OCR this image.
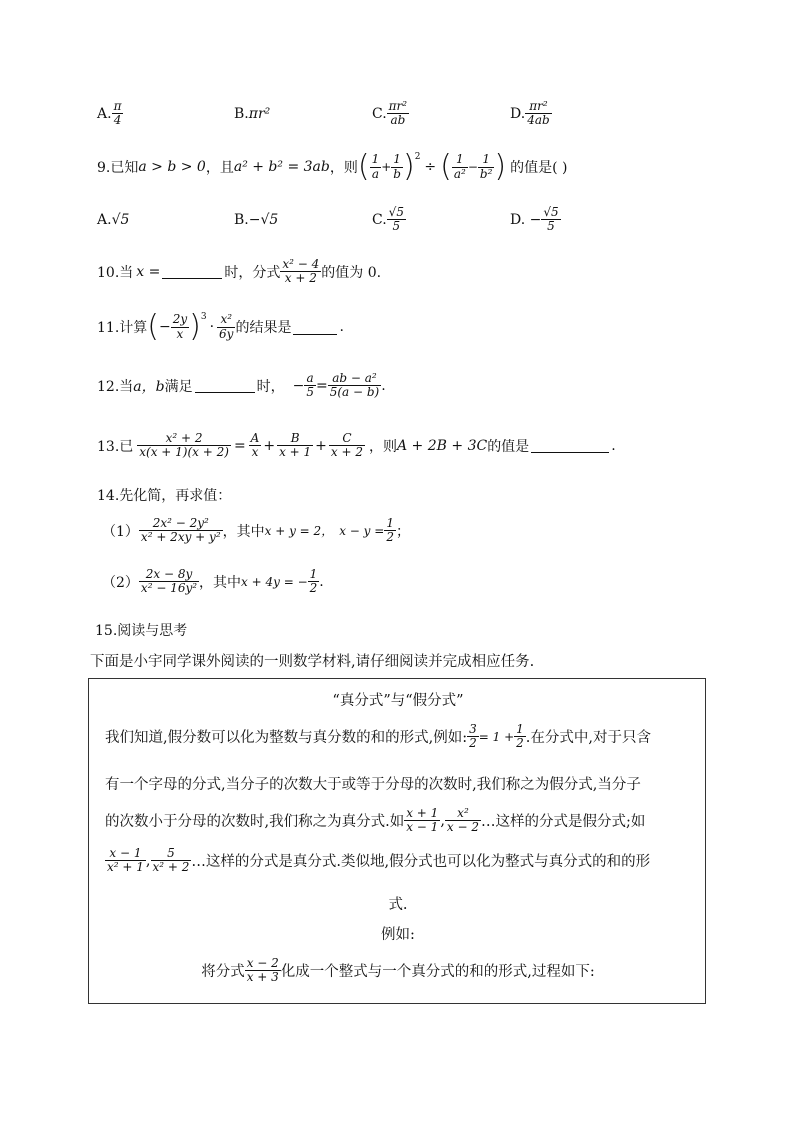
A. $\frac{\pi}{4}$	B. πr²	C. $\frac{\text{πr²}}{ab}$	D. $\frac{\text{πr²}}{4ab}$
9.已知 a > b > 0 ，且 a² + b² = 3ab ，则 ( $\frac{1}{a} + \frac{1}{b} )^2$
÷ ( $\frac{1}{\text{a²}} - \frac{1}{\text{b²}}$ ) 的值是( )
A. √5	B. −√5	C. $\frac{√5}{5}$	D. − $\frac{√5}{5}$
10.当 x =	时，分式 $\frac{\text{x² − 4}}{x + 2}$ 的值为 0.
11.计算 ( − $\frac{2y}{x} )^3$
· $\frac{\text{x²}}{6y}$ 的结果是	.
12.当 a，b 满足	时， − $\frac{a}{5} = \frac{\text{ab − a²}}{5(a - b)}$ .
13.已 $\frac{\text{x² + 2}}{x(x + 1)(x + 2)} = \frac{A}{x} + \frac{B}{x + 1} + \frac{C}{x + 2}$ ，则 A + 2B + 3C 的值是	.
14.先化简，再求值：
$(1) \frac{\text{2x² − 2y²}}{\text{x² + 2xy + y²}}$ ，其中 x + y = 2， $x - y = \frac{1}{2}$ ；
$(2) \frac{2x - 8y}{\text{x² − 16y²}}$ ，其中 x + 4y = − $\frac{1}{2}$ .
15.阅读与思考
下面是小宇同学课外阅读的一则数学材料,请仔细阅读并完成相应任务.
“真分式”与“假分式”
我们知道,假分数可以化为整数与真分数的和的形式,例如: $\frac{3}{2} = 1 + \frac{1}{2}$ .在分式中,对于只含
有一个字母的分式,当分子的次数大于或等于分母的次数时,我们称之为假分式,当分子
的次数小于分母的次数时,我们称之为真分式.如 $\frac{x + 1}{x - 1}$ , $\frac{\text{x²}}{x - 2}$ …这样的分式是假分式;如
$\frac{x - 1}{\text{x² + 1}}$ , $\frac{5}{\text{x² + 2}}$ …这样的分式是真分式.类似地,假分式也可以化为整式与真分式的和的形
式.
例如:
将分式 $\frac{x - 2}{x + 3}$ 化成一个整式与一个真分式的和的形式,过程如下:
